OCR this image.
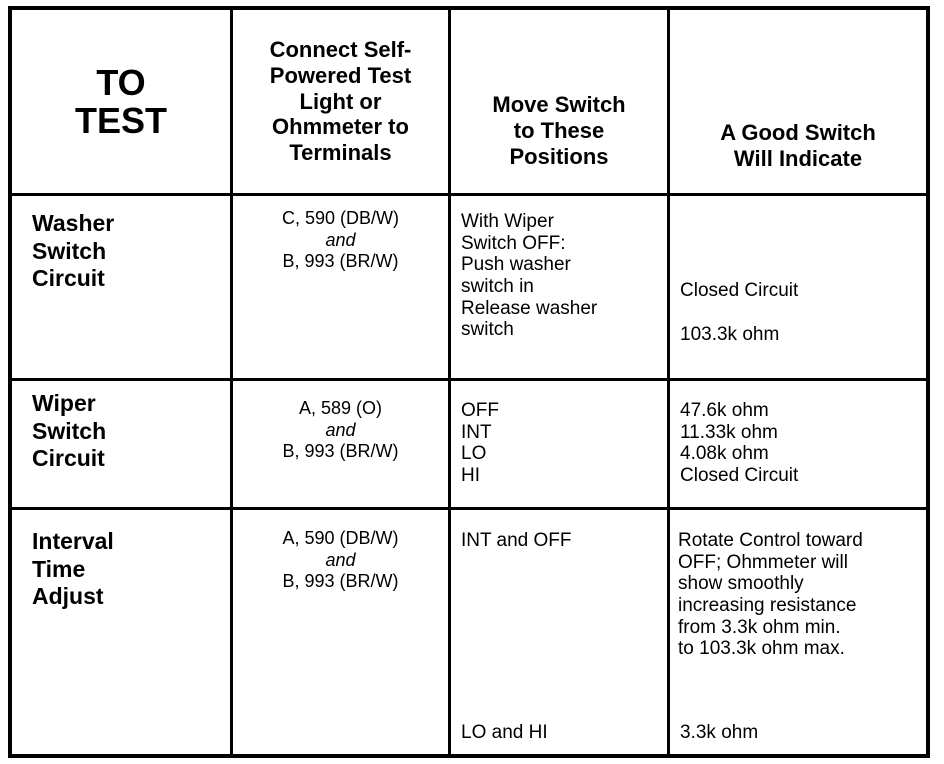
TO
TEST
Connect Self-
Powered Test
Light or
Ohmmeter to
Terminals
Move Switch
to These
Positions
A Good Switch
Will Indicate
Washer
Switch
Circuit
C, 590 (DB/W)
and
B, 993 (BR/W)
With Wiper
Switch OFF:
Push washer
switch in
Release washer
switch
Closed Circuit
103.3k ohm
Wiper
Switch
Circuit
A, 589 (O)
and
B, 993 (BR/W)
OFF
INT
LO
HI
47.6k ohm
11.33k ohm
4.08k ohm
Closed Circuit
Interval
Time
Adjust
A, 590 (DB/W)
and
B, 993 (BR/W)
INT and OFF
LO and HI
Rotate Control toward
OFF; Ohmmeter will
show smoothly
increasing resistance
from 3.3k ohm min.
to 103.3k ohm max.
3.3k ohm
